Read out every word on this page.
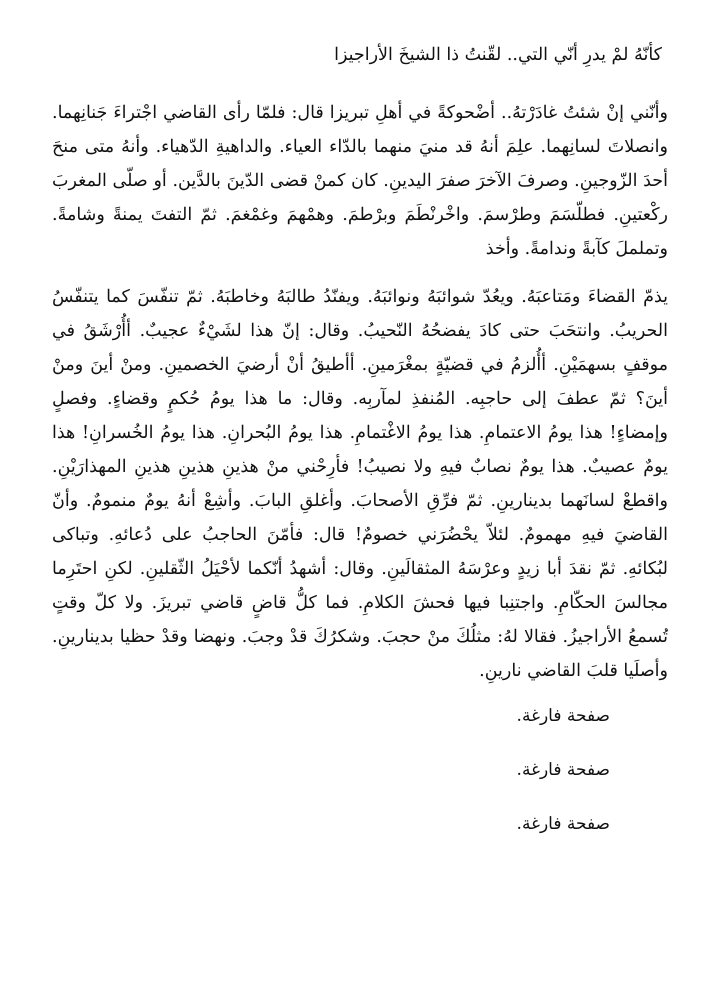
كأنّهُ لمْ يدرِ أنّي التي.. لقّنتُ ذا الشيخَ الأراجيزا

وأنّني إنْ شئتُ غادَرْتهُ.. أضْحوكةً في أهلِ تبريزا قال: فلمّا رأى القاضي اجْتراءَ جَنانِهما. وانصلاتَ لسانِهما. علِمَ أنهُ قد منيَ منهما بالدّاء العياء. والداهيةِ الدّهياء. وأنهُ متى منحَ أحدَ الزّوجينِ. وصرفَ الآخرَ صفرَ اليدينِ. كان كمنْ قضى الدّينَ بالدَّين. أو صلّى المغربَ ركْعتينِ. فطلّسَمَ وطرْسمَ. واخْرنْطَمَ وبرْطمَ. وهمْهمَ وغمْغمَ. ثمّ التفتَ يمنةً وشامةً. وتململَ كآبةً وندامةً. وأخذ

يذمّ القضاءَ ومَتاعبَهُ. ويعُدّ شوائبَهُ ونوائبَهُ. ويفنّدُ طالبَهُ وخاطبَهُ. ثمّ تنفّسَ كما يتنفّسُ الحريبُ. وانتحَبَ حتى كادَ يفضحُهُ النّحيبُ. وقال: إنّ هذا لشَيْءٌ عجيبٌ. أأُرْشَقُ في موقفٍ بسهمَيْنِ. أأُلزمُ في قضيّةٍ بمغْرَمينِ. أأطيقُ أنْ أرضيَ الخصمينِ. ومنْ أينَ ومنْ أينَ؟ ثمّ عطفَ إلى حاجبِه. المُنفذِ لمآربِه. وقال: ما هذا يومُ حُكمٍ وقضاءٍ. وفصلٍ وإمضاءٍ! هذا يومُ الاعتمامِ. هذا يومُ الاغْتمامِ. هذا يومُ البُحرانِ. هذا يومُ الخُسرانِ! هذا يومٌ عصيبٌ. هذا يومٌ نصابٌ فيهِ ولا نصيبُ! فأرِحْني منْ هذينِ هذينِ هذينِ المهذارَيْنِ. واقطعْ لسانَهما بدينارينِ. ثمّ فرِّقِ الأصحابَ. وأغلقِ البابَ. وأشِعْ أنهُ يومٌ منمومٌ. وأنّ القاضيَ فيهِ مهمومٌ. لئلاّ يحْضُرَني خصومٌ! قال: فأمّنَ الحاجبُ على دُعائهِ. وتباكى لبُكائهِ. ثمّ نقدَ أبا زيدٍ وعرْسَهُ المثقالَينِ. وقال: أشهدُ أنّكما لأحْيَلُ الثّقلينِ. لكنِ احتَرِما مجالسَ الحكّامِ. واجتنِبا فيها فحشَ الكلامِ. فما كلُّ قاضٍ قاضي تبريزَ. ولا كلّ وقتٍ تُسمعُ الأراجيزُ. فقالا لهُ: مثلُكَ منْ حجبَ. وشكرُكَ قدْ وجبَ. ونهضا وقدْ حظيا بدينارينِ. وأصلَيا قلبَ القاضي نارينِ.

صفحة فارغة.

صفحة فارغة.

صفحة فارغة.
